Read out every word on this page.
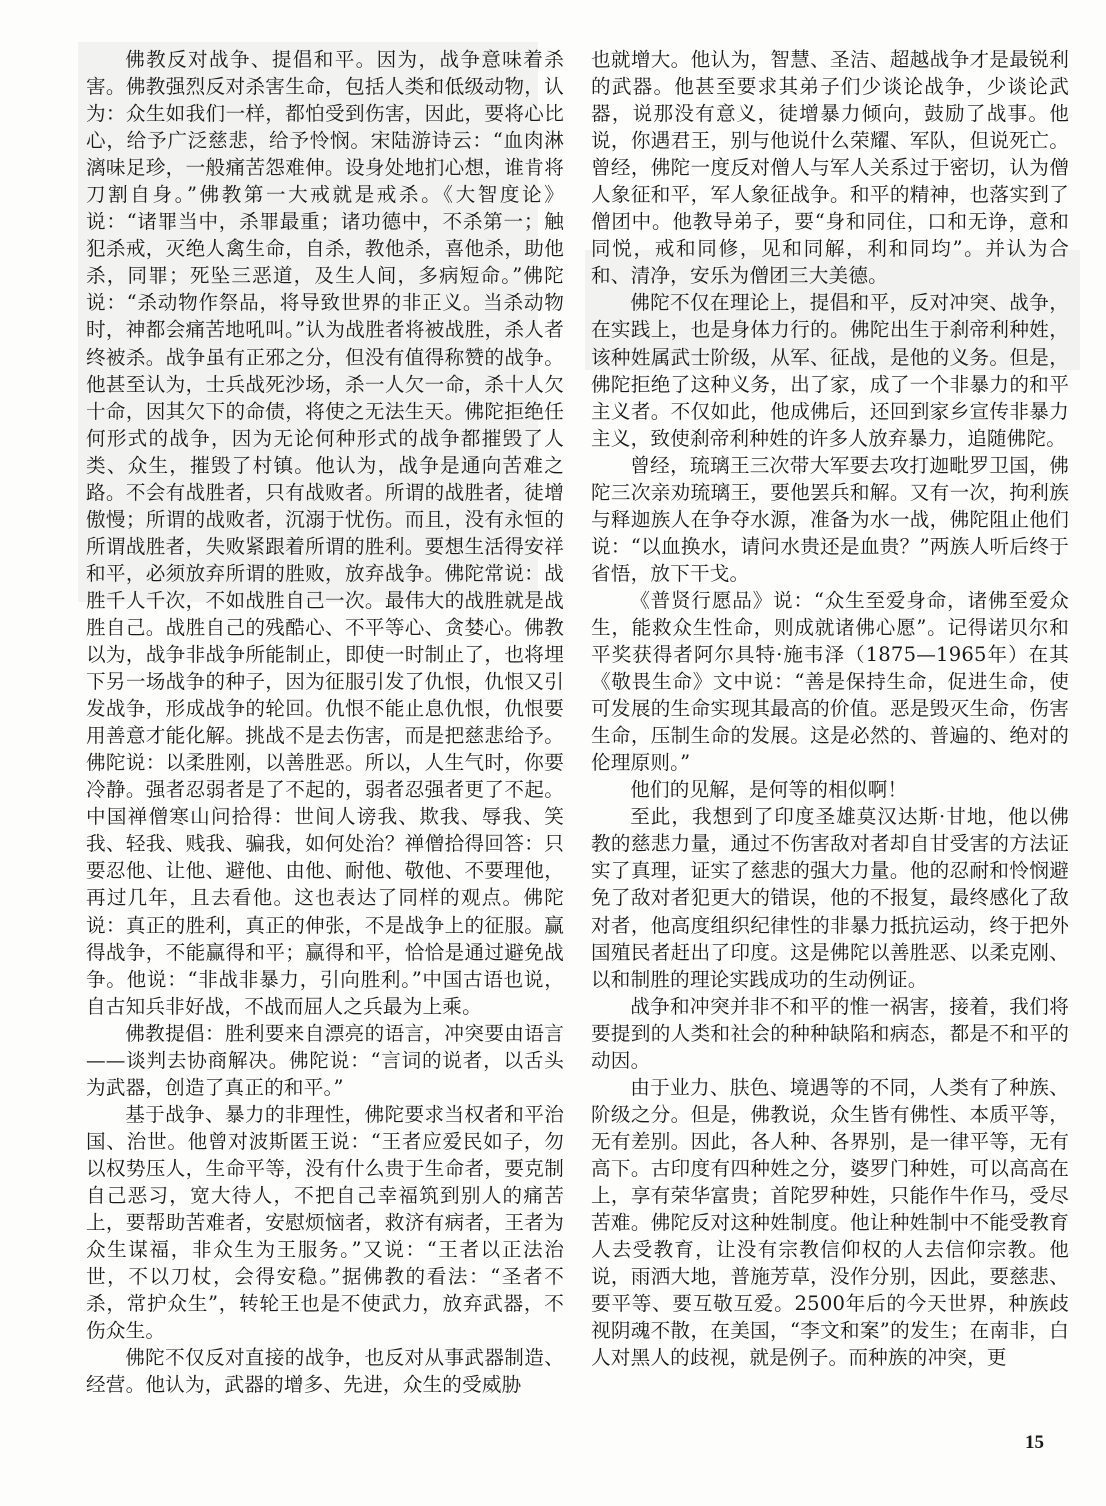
佛教反对战争、提倡和平。因为，战争意味着杀害。佛教强烈反对杀害生命，包括人类和低级动物，认为：众生如我们一样，都怕受到伤害，因此，要将心比心，给予广泛慈悲，给予怜悯。宋陆游诗云：“血肉淋漓味足珍，一般痛苦怨难伸。设身处地扪心想，谁肯将刀割自身。”佛教第一大戒就是戒杀。《大智度论》说：“诸罪当中，杀罪最重；诸功德中，不杀第一；触犯杀戒，灭绝人禽生命，自杀，教他杀，喜他杀，助他杀，同罪；死坠三恶道，及生人间，多病短命。”佛陀说：“杀动物作祭品，将导致世界的非正义。当杀动物时，神都会痛苦地吼叫。”认为战胜者将被战胜，杀人者终被杀。战争虽有正邪之分，但没有值得称赞的战争。他甚至认为，士兵战死沙场，杀一人欠一命，杀十人欠十命，因其欠下的命债，将使之无法生天。佛陀拒绝任何形式的战争，因为无论何种形式的战争都摧毁了人类、众生，摧毁了村镇。他认为，战争是通向苦难之路。不会有战胜者，只有战败者。所谓的战胜者，徒增傲慢；所谓的战败者，沉溺于忧伤。而且，没有永恒的所谓战胜者，失败紧跟着所谓的胜利。要想生活得安祥和平，必须放弃所谓的胜败，放弃战争。佛陀常说：战胜千人千次，不如战胜自己一次。最伟大的战胜就是战胜自己。战胜自己的残酷心、不平等心、贪婪心。佛教以为，战争非战争所能制止，即使一时制止了，也将埋下另一场战争的种子，因为征服引发了仇恨，仇恨又引发战争，形成战争的轮回。仇恨不能止息仇恨，仇恨要用善意才能化解。挑战不是去伤害，而是把慈悲给予。佛陀说：以柔胜刚，以善胜恶。所以，人生气时，你要冷静。强者忍弱者是了不起的，弱者忍强者更了不起。中国禅僧寒山问拾得：世间人谤我、欺我、辱我、笑我、轻我、贱我、骗我，如何处治？禅僧拾得回答：只要忍他、让他、避他、由他、耐他、敬他、不要理他，再过几年，且去看他。这也表达了同样的观点。佛陀说：真正的胜利，真正的伸张，不是战争上的征服。赢得战争，不能赢得和平；赢得和平，恰恰是通过避免战争。他说：“非战非暴力，引向胜利。”中国古语也说，自古知兵非好战，不战而屈人之兵最为上乘。

佛教提倡：胜利要来自漂亮的语言，冲突要由语言——谈判去协商解决。佛陀说：“言词的说者，以舌头为武器，创造了真正的和平。”

基于战争、暴力的非理性，佛陀要求当权者和平治国、治世。他曾对波斯匿王说：“王者应爱民如子，勿以权势压人，生命平等，没有什么贵于生命者，要克制自己恶习，宽大待人，不把自己幸福筑到别人的痛苦上，要帮助苦难者，安慰烦恼者，救济有病者，王者为众生谋福，非众生为王服务。”又说：“王者以正法治世，不以刀杖，会得安稳。”据佛教的看法：“圣者不杀，常护众生”，转轮王也是不使武力，放弃武器，不伤众生。

佛陀不仅反对直接的战争，也反对从事武器制造、经营。他认为，武器的增多、先进，众生的受威胁

也就增大。他认为，智慧、圣洁、超越战争才是最锐利的武器。他甚至要求其弟子们少谈论战争，少谈论武器，说那没有意义，徒增暴力倾向，鼓励了战事。他说，你遇君王，别与他说什么荣耀、军队，但说死亡。曾经，佛陀一度反对僧人与军人关系过于密切，认为僧人象征和平，军人象征战争。和平的精神，也落实到了僧团中。他教导弟子，要“身和同住，口和无诤，意和同悦，戒和同修，见和同解，利和同均”。并认为合和、清净，安乐为僧团三大美德。

佛陀不仅在理论上，提倡和平，反对冲突、战争，在实践上，也是身体力行的。佛陀出生于刹帝利种姓，该种姓属武士阶级，从军、征战，是他的义务。但是，佛陀拒绝了这种义务，出了家，成了一个非暴力的和平主义者。不仅如此，他成佛后，还回到家乡宣传非暴力主义，致使刹帝利种姓的许多人放弃暴力，追随佛陀。

曾经，琉璃王三次带大军要去攻打迦毗罗卫国，佛陀三次亲劝琉璃王，要他罢兵和解。又有一次，拘利族与释迦族人在争夺水源，准备为水一战，佛陀阻止他们说：“以血换水，请问水贵还是血贵？”两族人听后终于省悟，放下干戈。

《普贤行愿品》说：“众生至爱身命，诸佛至爱众生，能救众生性命，则成就诸佛心愿”。记得诺贝尔和平奖获得者阿尔具特·施韦泽（1875—1965年）在其《敬畏生命》文中说：“善是保持生命，促进生命，使可发展的生命实现其最高的价值。恶是毁灭生命，伤害生命，压制生命的发展。这是必然的、普遍的、绝对的伦理原则。”

他们的见解，是何等的相似啊！

至此，我想到了印度圣雄莫汉达斯·甘地，他以佛教的慈悲力量，通过不伤害敌对者却自甘受害的方法证实了真理，证实了慈悲的强大力量。他的忍耐和怜悯避免了敌对者犯更大的错误，他的不报复，最终感化了敌对者，他高度组织纪律性的非暴力抵抗运动，终于把外国殖民者赶出了印度。这是佛陀以善胜恶、以柔克刚、以和制胜的理论实践成功的生动例证。

战争和冲突并非不和平的惟一祸害，接着，我们将要提到的人类和社会的种种缺陷和病态，都是不和平的动因。

由于业力、肤色、境遇等的不同，人类有了种族、阶级之分。但是，佛教说，众生皆有佛性、本质平等，无有差别。因此，各人种、各界别，是一律平等，无有高下。古印度有四种姓之分，婆罗门种姓，可以高高在上，享有荣华富贵；首陀罗种姓，只能作牛作马，受尽苦难。佛陀反对这种姓制度。他让种姓制中不能受教育人去受教育，让没有宗教信仰权的人去信仰宗教。他说，雨洒大地，普施芳草，没作分别，因此，要慈悲、要平等、要互敬互爱。2500年后的今天世界，种族歧视阴魂不散，在美国，“李文和案”的发生；在南非，白人对黑人的歧视，就是例子。而种族的冲突，更

15
